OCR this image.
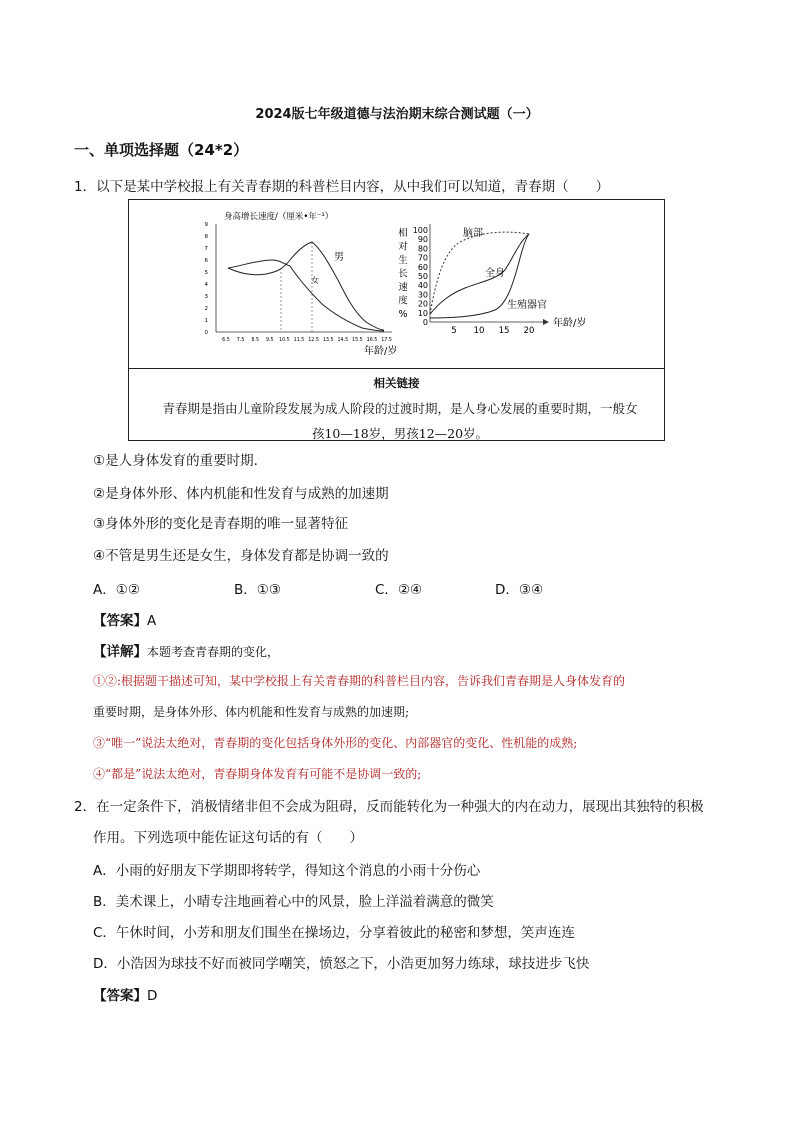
2024版七年级道德与法治期末综合测试题（一）
一、单项选择题（24*2）
1．以下是某中学校报上有关青春期的科普栏目内容，从中我们可以知道，青春期（　　）
身高增长速度/（厘米•年⁻¹）
0
1
2
3
4
5
6
7
8
9
6.5 7.5 8.5 9.5 10.5 11.5 12.5 13.5 14.5 15.5 16.5 17.5
男
女
年龄/岁
相
对
生
长
速
度
%
0
10
20
30
40
50
60
70
80
90
100
5 10 15 20
脑部
全身
生殖器官
年龄/岁
相关链接
青春期是指由儿童阶段发展为成人阶段的过渡时期，是人身心发展的重要时期，一般女
孩10—18岁，男孩12—20岁。
①是人身体发育的重要时期.
②是身体外形、体内机能和性发育与成熟的加速期
③身体外形的变化是青春期的唯一显著特征
④不管是男生还是女生，身体发育都是协调一致的
A．①②	B．①③	C．②④	D．③④
【答案】A
【详解】本题考查青春期的变化，
①②:根据题干描述可知，某中学校报上有关青春期的科普栏目内容，告诉我们青春期是人身体发育的
重要时期，是身体外形、体内机能和性发育与成熟的加速期;
③“唯一”说法太绝对，青春期的变化包括身体外形的变化、内部器官的变化、性机能的成熟;
④“都是”说法太绝对，青春期身体发育有可能不是协调一致的;
2．在一定条件下，消极情绪非但不会成为阻碍，反而能转化为一种强大的内在动力，展现出其独特的积极
作用。下列选项中能佐证这句话的有（　　）
A．小雨的好朋友下学期即将转学，得知这个消息的小雨十分伤心
B．美术课上，小晴专注地画着心中的风景，脸上洋溢着满意的微笑
C．午休时间，小芳和朋友们围坐在操场边，分享着彼此的秘密和梦想，笑声连连
D．小浩因为球技不好而被同学嘲笑，愤怒之下，小浩更加努力练球，球技进步飞快
【答案】D
